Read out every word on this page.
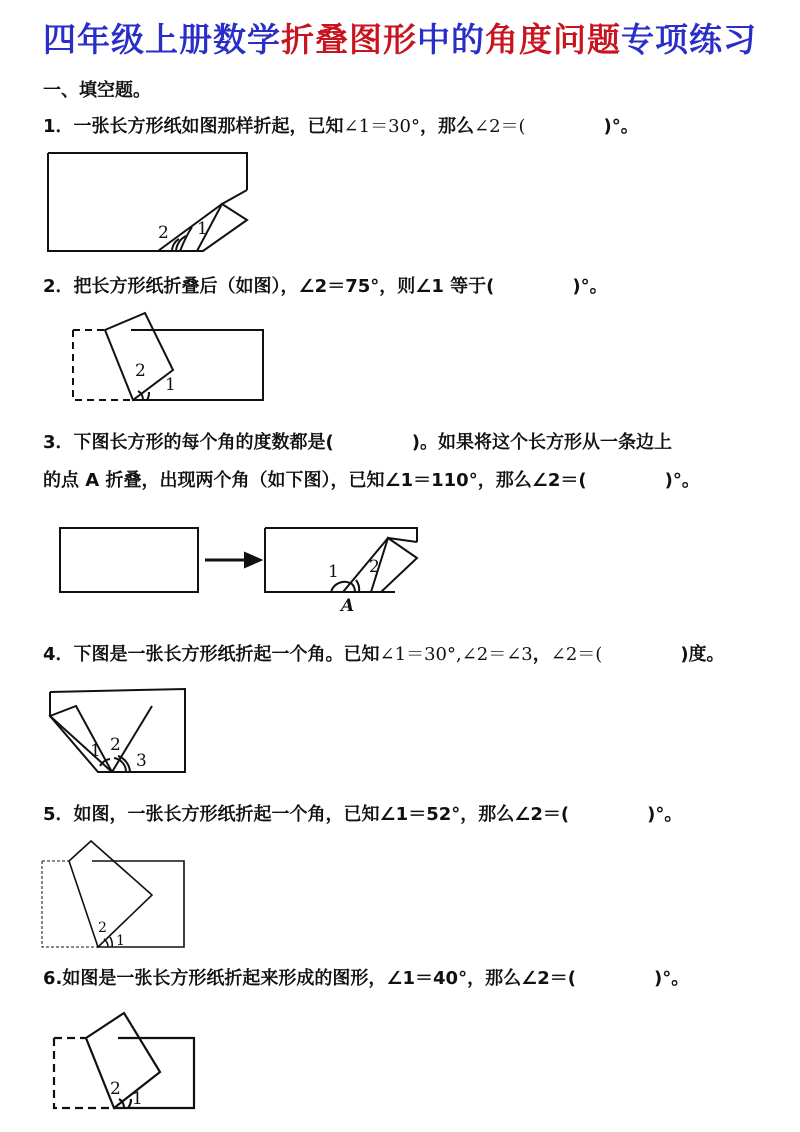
四年级上册数学折叠图形中的角度问题专项练习
一、填空题。
1．一张长方形纸如图那样折起，已知∠1＝30°，那么∠2＝(	)°。
2 1
2．把长方形纸折叠后（如图），∠2＝75°，则∠1 等于(	)°。
2
1
3．下图长方形的每个角的度数都是(	)。如果将这个长方形从一条边上
的点 A 折叠，出现两个角（如下图），已知∠1＝110°，那么∠2＝(	)°。
1 2
A
4．下图是一张长方形纸折起一个角。已知∠1＝30°,∠2＝∠3，∠2＝(	)度。
1 2
3
5．如图，一张长方形纸折起一个角，已知∠1＝52°，那么∠2＝(	)°。
2
1
6.如图是一张长方形纸折起来形成的图形，∠1＝40°，那么∠2＝(	)°。
2 1
